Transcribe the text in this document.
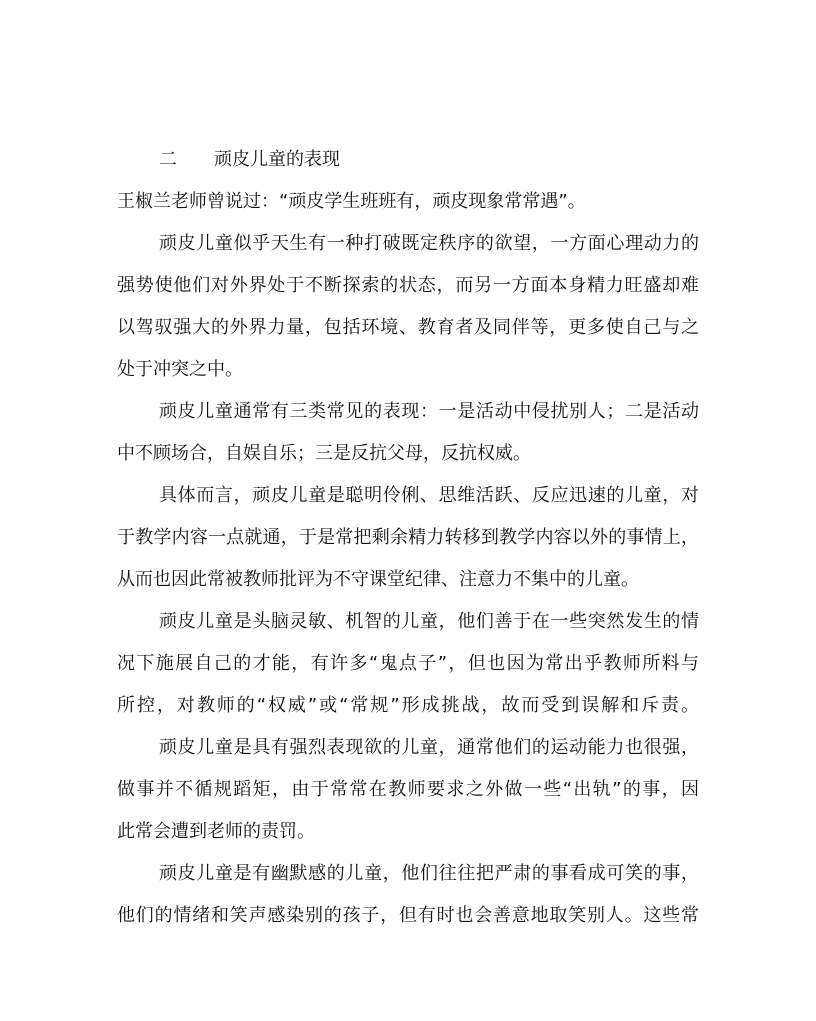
二 顽皮儿童的表现
王椒兰老师曾说过：“顽皮学生班班有，顽皮现象常常遇”。
顽皮儿童似乎天生有一种打破既定秩序的欲望，一方面心理动力的
强势使他们对外界处于不断探索的状态，而另一方面本身精力旺盛却难
以驾驭强大的外界力量，包括环境、教育者及同伴等，更多使自己与之
处于冲突之中。
顽皮儿童通常有三类常见的表现：一是活动中侵扰别人；二是活动
中不顾场合，自娱自乐；三是反抗父母，反抗权威。
具体而言，顽皮儿童是聪明伶俐、思维活跃、反应迅速的儿童，对
于教学内容一点就通，于是常把剩余精力转移到教学内容以外的事情上，
从而也因此常被教师批评为不守课堂纪律、注意力不集中的儿童。
顽皮儿童是头脑灵敏、机智的儿童，他们善于在一些突然发生的情
况下施展自己的才能，有许多“鬼点子”，但也因为常出乎教师所料与
所控，对教师的“权威”或“常规”形成挑战，故而受到误解和斥责。
顽皮儿童是具有强烈表现欲的儿童，通常他们的运动能力也很强，
做事并不循规蹈矩，由于常常在教师要求之外做一些“出轨”的事，因
此常会遭到老师的责罚。
顽皮儿童是有幽默感的儿童，他们往往把严肃的事看成可笑的事，
他们的情绪和笑声感染别的孩子，但有时也会善意地取笑别人。这些常
